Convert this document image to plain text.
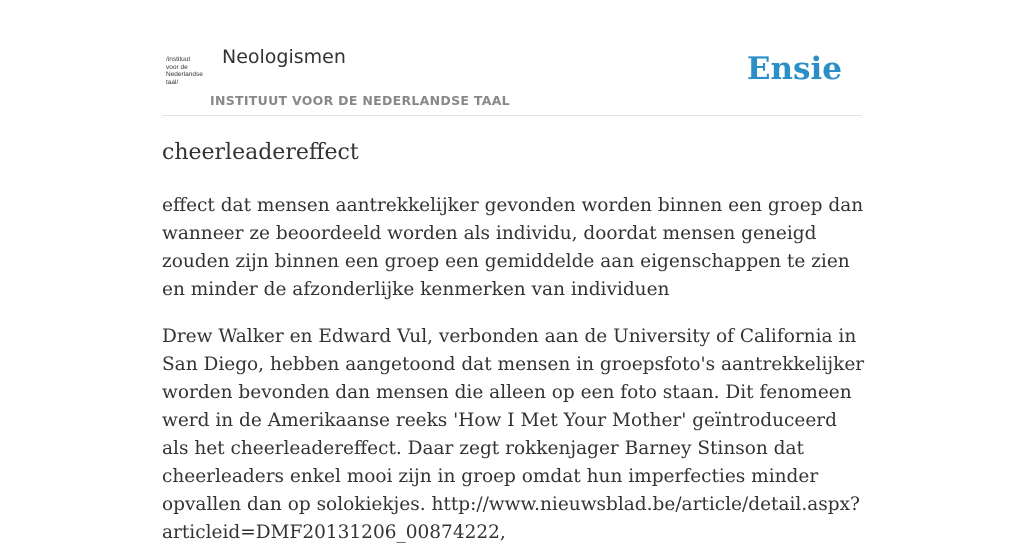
/instituut
voor de
Nederlandse
taal/
Neologismen
INSTITUUT VOOR DE NEDERLANDSE TAAL
Ensie
cheerleadereffect

effect dat mensen aantrekkelijker gevonden worden binnen een groep dan wanneer ze beoordeeld worden als individu, doordat mensen geneigd zouden zijn binnen een groep een gemiddelde aan eigenschappen te zien en minder de afzonderlijke kenmerken van individuen

Drew Walker en Edward Vul, verbonden aan de University of California in San Diego, hebben aangetoond dat mensen in groepsfoto's aantrekkelijker worden bevonden dan mensen die alleen op een foto staan. Dit fenomeen werd in de Amerikaanse reeks 'How I Met Your Mother' geïntroduceerd als het cheerleadereffect. Daar zegt rokkenjager Barney Stinson dat cheerleaders enkel mooi zijn in groep omdat hun imperfecties minder opvallen dan op solokiekjes. http://www.nieuwsblad.be/article/detail.aspx?articleid=DMF20131206_00874222,
